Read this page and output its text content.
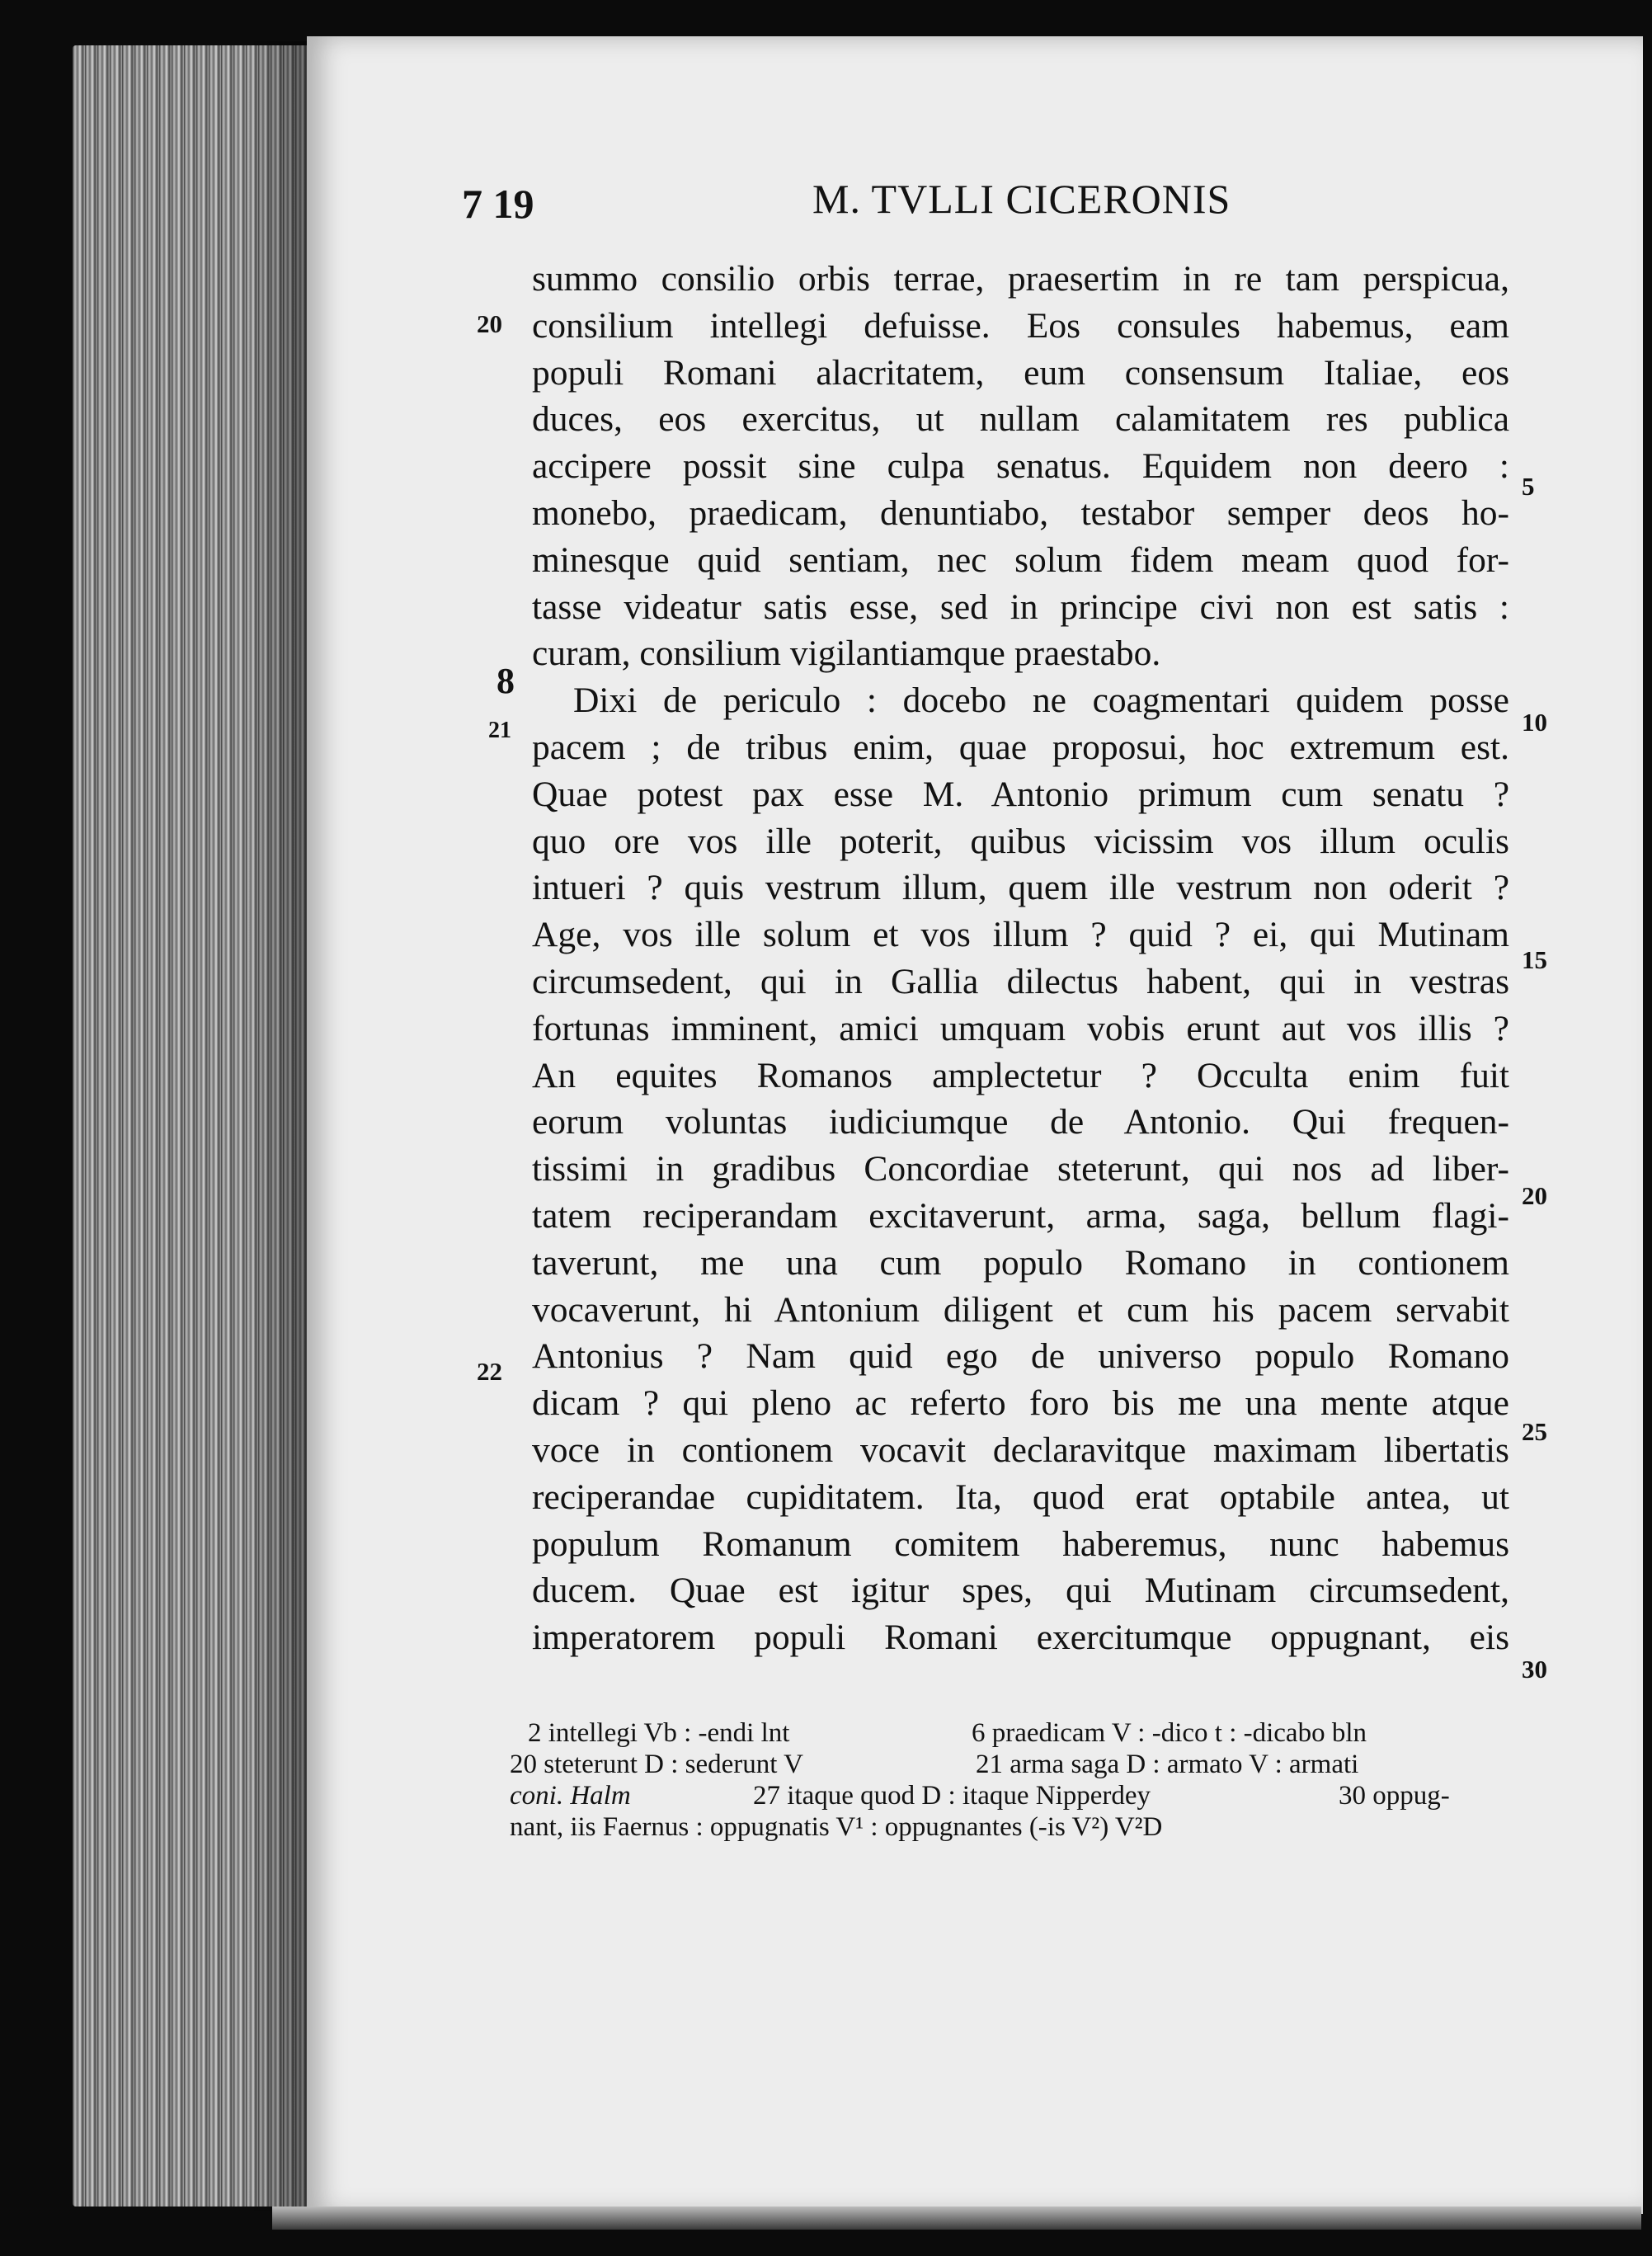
7 19	M. TVLLI CICERONIS
summo consilio orbis terrae, praesertim in re tam perspicua,
consilium intellegi defuisse. Eos consules habemus, eam
populi Romani alacritatem, eum consensum Italiae, eos
duces, eos exercitus, ut nullam calamitatem res publica
accipere possit sine culpa senatus. Equidem non deero :
monebo, praedicam, denuntiabo, testabor semper deos ho-
minesque quid sentiam, nec solum fidem meam quod for-
tasse videatur satis esse, sed in principe civi non est satis :
curam, consilium vigilantiamque praestabo.
Dixi de periculo : docebo ne coagmentari quidem posse
pacem ; de tribus enim, quae proposui, hoc extremum est.
Quae potest pax esse M. Antonio primum cum senatu ?
quo ore vos ille poterit, quibus vicissim vos illum oculis
intueri ? quis vestrum illum, quem ille vestrum non oderit ?
Age, vos ille solum et vos illum ? quid ? ei, qui Mutinam
circumsedent, qui in Gallia dilectus habent, qui in vestras
fortunas imminent, amici umquam vobis erunt aut vos illis ?
An equites Romanos amplectetur ? Occulta enim fuit
eorum voluntas iudiciumque de Antonio. Qui frequen-
tissimi in gradibus Concordiae steterunt, qui nos ad liber-
tatem reciperandam excitaverunt, arma, saga, bellum flagi-
taverunt, me una cum populo Romano in contionem
vocaverunt, hi Antonium diligent et cum his pacem servabit
Antonius ? Nam quid ego de universo populo Romano
dicam ? qui pleno ac referto foro bis me una mente atque
voce in contionem vocavit declaravitque maximam libertatis
reciperandae cupiditatem. Ita, quod erat optabile antea, ut
populum Romanum comitem haberemus, nunc habemus
ducem. Quae est igitur spes, qui Mutinam circumsedent,
imperatorem populi Romani exercitumque oppugnant, eis
20
8
21
22
5
10
15
20
25
30
2 intellegi Vb : -endi lnt	6 praedicam V : -dico t : -dicabo bln
20 steterunt D : sederunt V	21 arma saga D : armato V : armati
coni. Halm	27 itaque quod D : itaque Nipperdey	30 oppug-
nant, iis Faernus : oppugnatis V¹ : oppugnantes (-is V²) V²D
